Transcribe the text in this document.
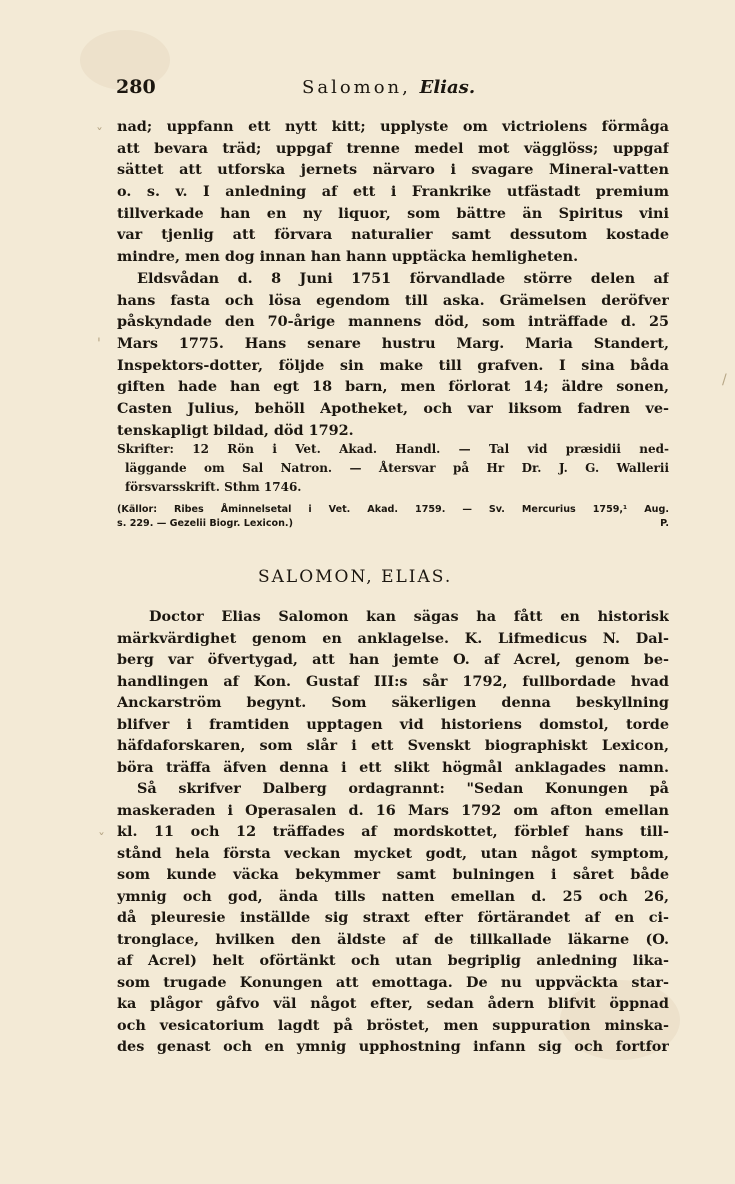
280	Salomon, Elias.
nad; uppfann ett nytt kitt; upplyste om victriolens förmåga
att bevara träd; uppgaf trenne medel mot vägglöss; uppgaf
sättet att utforska jernets närvaro i svagare Mineral-vatten
o. s. v. I anledning af ett i Frankrike utfästadt premium
tillverkade han en ny liquor, som bättre än Spiritus vini
var tjenlig att förvara naturalier samt dessutom kostade
mindre, men dog innan han hann upptäcka hemligheten.
Eldsvådan d. 8 Juni 1751 förvandlade större delen af
hans fasta och lösa egendom till aska. Grämelsen deröfver
påskyndade den 70-årige mannens död, som inträffade d. 25
Mars 1775. Hans senare hustru Marg. Maria Standert,
Inspektors-dotter, följde sin make till grafven. I sina båda
giften hade han egt 18 barn, men förlorat 14; äldre sonen,
Casten Julius, behöll Apotheket, och var liksom fadren ve-
tenskapligt bildad, död 1792.
Skrifter: 12 Rön i Vet. Akad. Handl. — Tal vid præsidii ned-
läggande om Sal Natron. — Återsvar på Hr Dr. J. G. Wallerii
försvarsskrift. Sthm 1746.
(Källor: Ribes Åminnelsetal i Vet. Akad. 1759. — Sv. Mercurius 1759,¹ Aug.
s. 229. — Gezelii Biogr. Lexicon.)	P.
SALOMON, ELIAS.
Doctor Elias Salomon kan sägas ha fått en historisk
märkvärdighet genom en anklagelse. K. Lifmedicus N. Dal-
berg var öfvertygad, att han jemte O. af Acrel, genom be-
handlingen af Kon. Gustaf III:s sår 1792, fullbordade hvad
Anckarström begynt. Som säkerligen denna beskyllning
blifver i framtiden upptagen vid historiens domstol, torde
häfdaforskaren, som slår i ett Svenskt biographiskt Lexicon,
böra träffa äfven denna i ett slikt högmål anklagades namn.
Så skrifver Dalberg ordagrannt: "Sedan Konungen på
maskeraden i Operasalen d. 16 Mars 1792 om afton emellan
kl. 11 och 12 träffades af mordskottet, förblef hans till-
stånd hela första veckan mycket godt, utan något symptom,
som kunde väcka bekymmer samt bulningen i såret både
ymnig och god, ända tills natten emellan d. 25 och 26,
då pleuresie inställde sig straxt efter förtärandet af en ci-
tronglace, hvilken den äldste af de tillkallade läkarne (O.
af Acrel) helt oförtänkt och utan begriplig anledning lika-
som trugade Konungen att emottaga. De nu uppväckta star-
ka plågor gåfvo väl något efter, sedan ådern blifvit öppnad
och vesicatorium lagdt på bröstet, men suppuration minska-
des genast och en ymnig upphostning infann sig och fortfor
ˇ
'
/
ˇ
